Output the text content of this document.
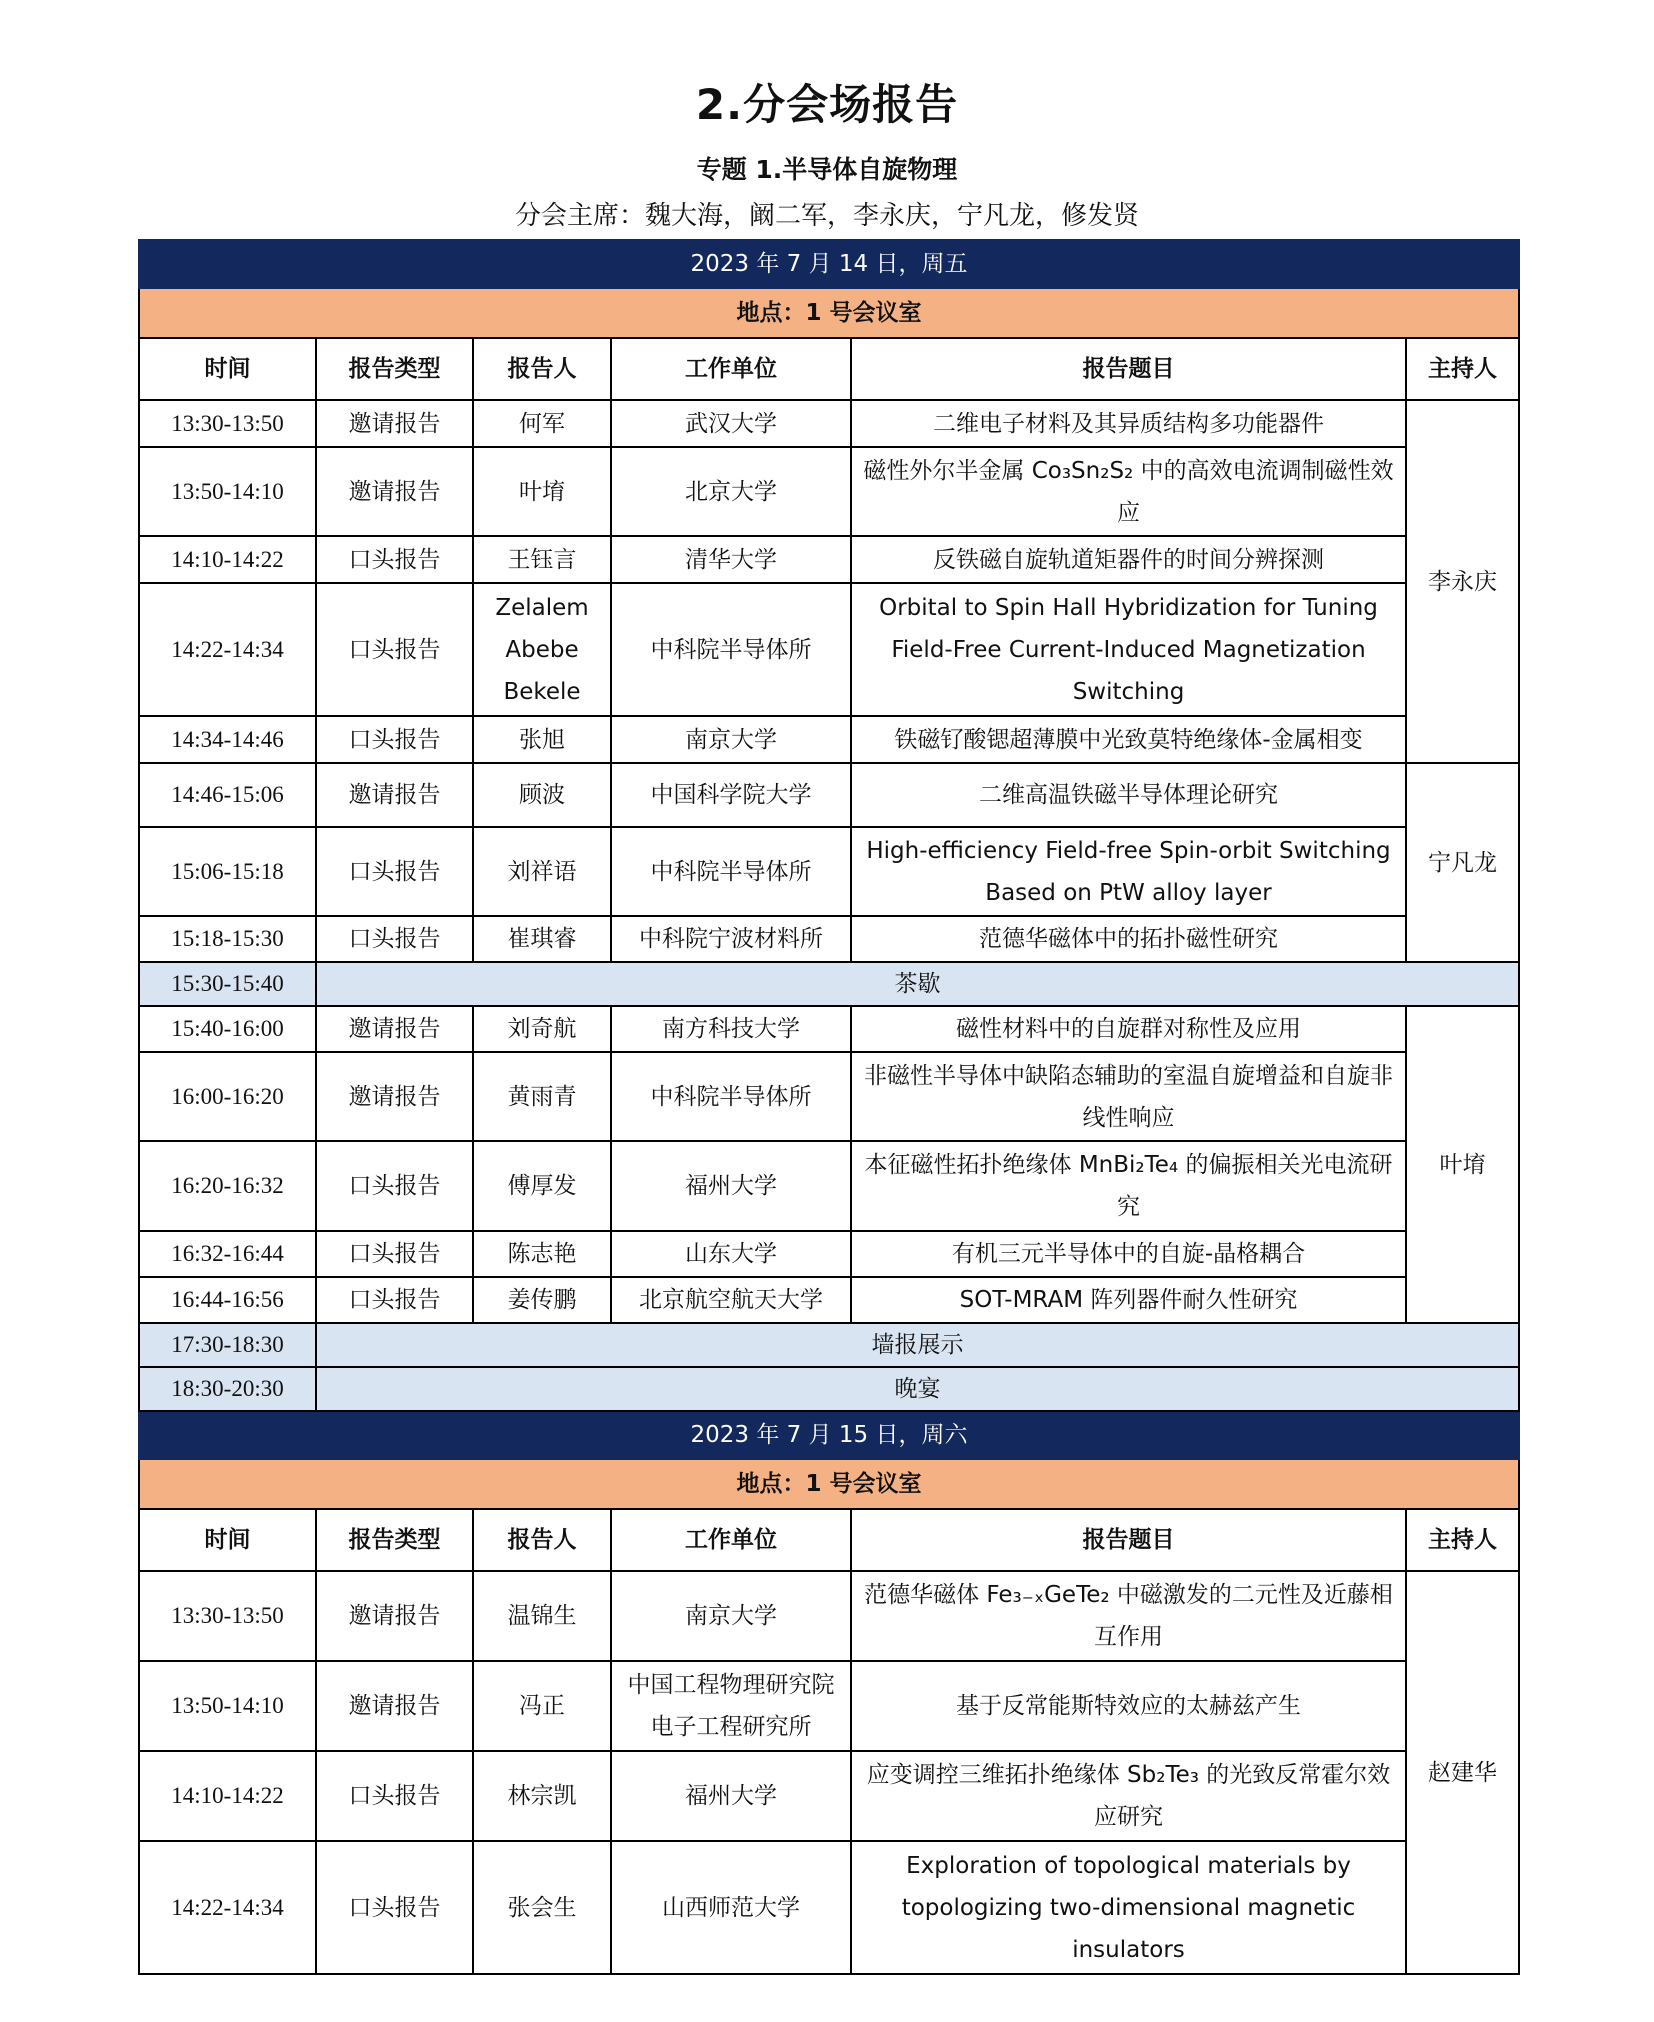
2.分会场报告
专题 1.半导体自旋物理
分会主席：魏大海，阚二军，李永庆，宁凡龙，修发贤
2023 年 7 月 14 日，周五					
地点：1 号会议室					
时间	报告类型	报告人	工作单位	报告题目	主持人
13:30-13:50	邀请报告	何军	武汉大学	二维电子材料及其异质结构多功能器件	李永庆
13:50-14:10	邀请报告	叶堉	北京大学	磁性外尔半金属 Co₃Sn₂S₂ 中的高效电流调制磁性效应	
14:10-14:22	口头报告	王钰言	清华大学	反铁磁自旋轨道矩器件的时间分辨探测	
14:22-14:34	口头报告	Zelalem Abebe Bekele	中科院半导体所	Orbital to Spin Hall Hybridization for Tuning Field-Free Current-Induced Magnetization Switching	
14:34-14:46	口头报告	张旭	南京大学	铁磁钌酸锶超薄膜中光致莫特绝缘体-金属相变	
14:46-15:06	邀请报告	顾波	中国科学院大学	二维高温铁磁半导体理论研究	宁凡龙
15:06-15:18	口头报告	刘祥语	中科院半导体所	High-efficiency Field-free Spin-orbit Switching Based on PtW alloy layer	
15:18-15:30	口头报告	崔琪睿	中科院宁波材料所	范德华磁体中的拓扑磁性研究	
15:30-15:40	茶歇				
15:40-16:00	邀请报告	刘奇航	南方科技大学	磁性材料中的自旋群对称性及应用	叶堉
16:00-16:20	邀请报告	黄雨青	中科院半导体所	非磁性半导体中缺陷态辅助的室温自旋增益和自旋非线性响应	
16:20-16:32	口头报告	傅厚发	福州大学	本征磁性拓扑绝缘体 MnBi₂Te₄ 的偏振相关光电流研究	
16:32-16:44	口头报告	陈志艳	山东大学	有机三元半导体中的自旋-晶格耦合	
16:44-16:56	口头报告	姜传鹏	北京航空航天大学	SOT-MRAM 阵列器件耐久性研究	
17:30-18:30	墙报展示				
18:30-20:30	晚宴				
2023 年 7 月 15 日，周六					
地点：1 号会议室					
时间	报告类型	报告人	工作单位	报告题目	主持人
13:30-13:50	邀请报告	温锦生	南京大学	范德华磁体 Fe₃₋ₓGeTe₂ 中磁激发的二元性及近藤相互作用	赵建华
13:50-14:10	邀请报告	冯正	中国工程物理研究院电子工程研究所	基于反常能斯特效应的太赫兹产生	
14:10-14:22	口头报告	林宗凯	福州大学	应变调控三维拓扑绝缘体 Sb₂Te₃ 的光致反常霍尔效应研究	
14:22-14:34	口头报告	张会生	山西师范大学	Exploration of topological materials by topologizing two-dimensional magnetic insulators	
